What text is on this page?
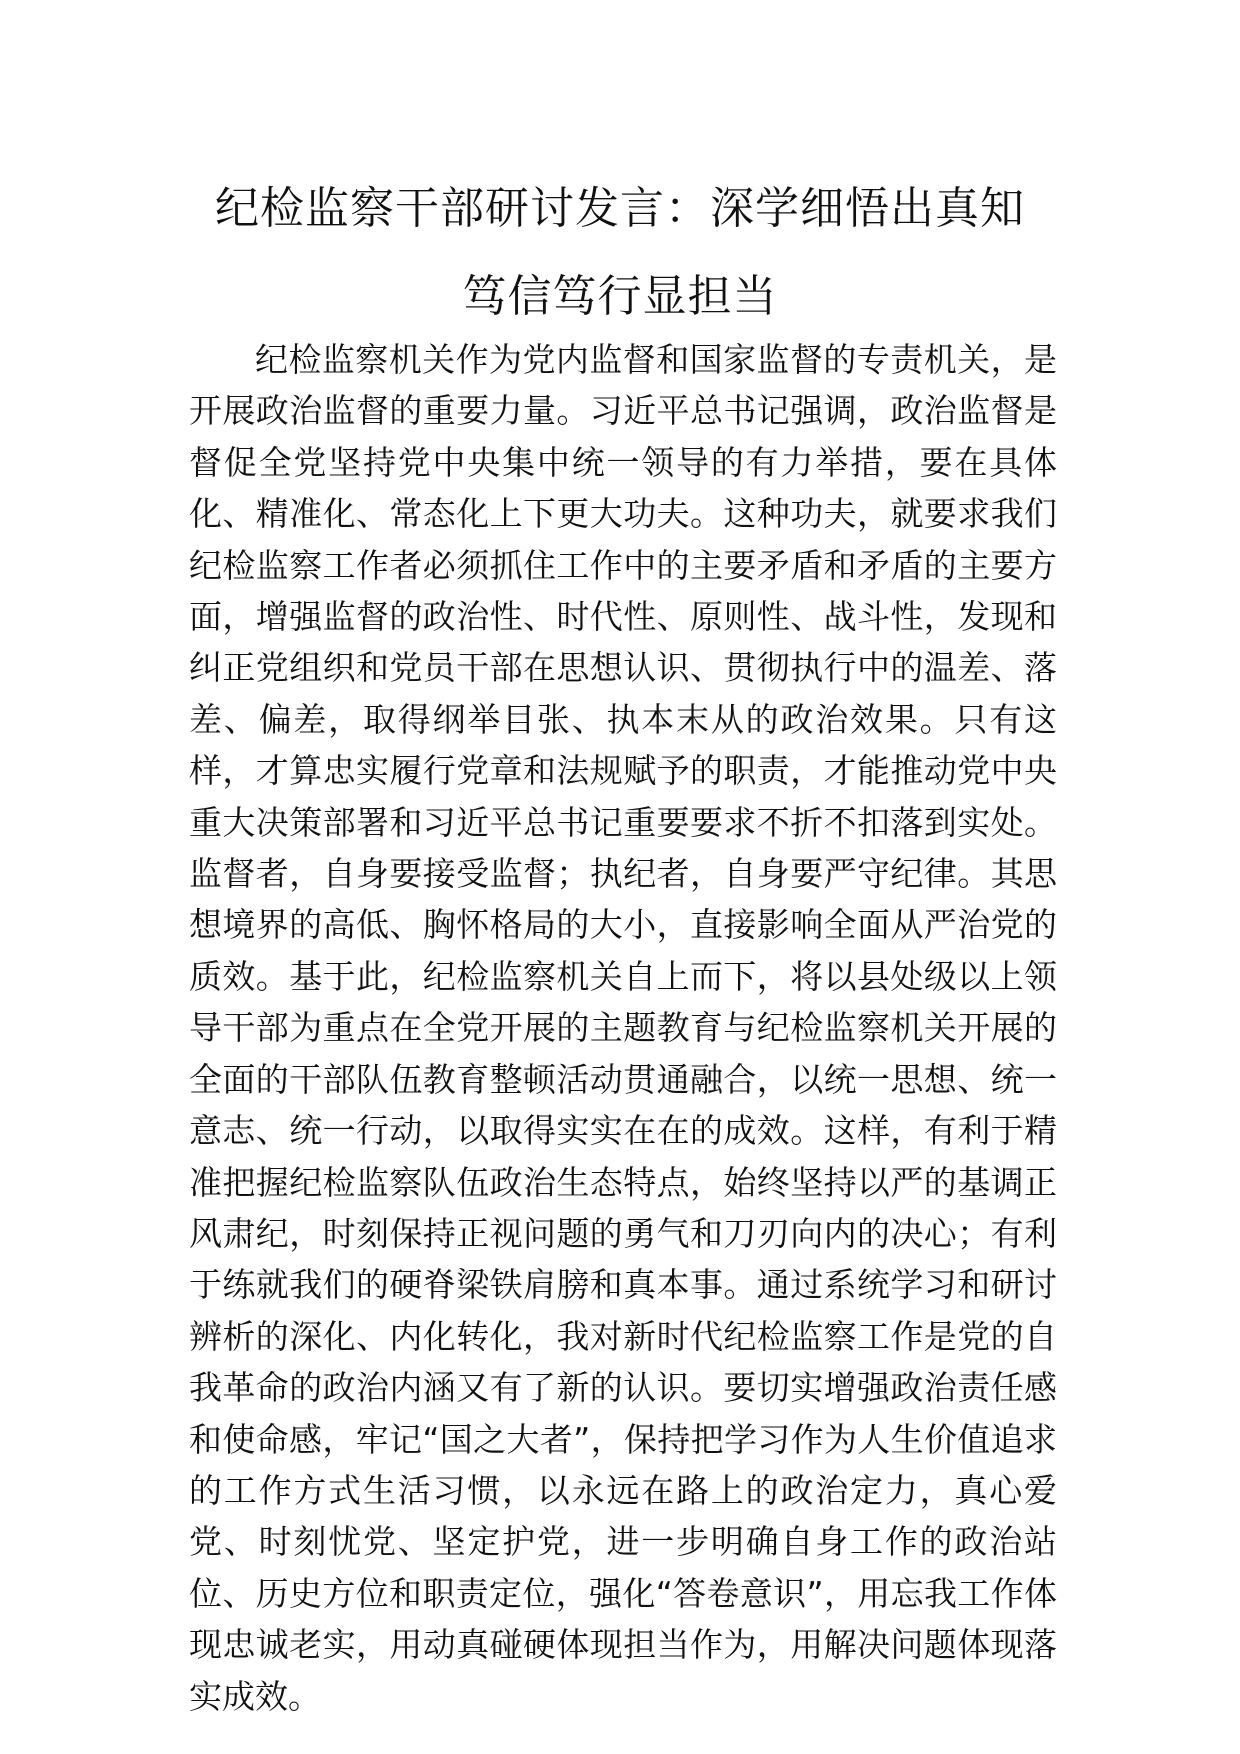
纪检监察干部研讨发言：深学细悟出真知
笃信笃行显担当

纪检监察机关作为党内监督和国家监督的专责机关，是开展政治监督的重要力量。习近平总书记强调，政治监督是督促全党坚持党中央集中统一领导的有力举措，要在具体化、精准化、常态化上下更大功夫。这种功夫，就要求我们纪检监察工作者必须抓住工作中的主要矛盾和矛盾的主要方面，增强监督的政治性、时代性、原则性、战斗性，发现和纠正党组织和党员干部在思想认识、贯彻执行中的温差、落差、偏差，取得纲举目张、执本末从的政治效果。只有这样，才算忠实履行党章和法规赋予的职责，才能推动党中央重大决策部署和习近平总书记重要要求不折不扣落到实处。监督者，自身要接受监督；执纪者，自身要严守纪律。其思想境界的高低、胸怀格局的大小，直接影响全面从严治党的质效。基于此，纪检监察机关自上而下，将以县处级以上领导干部为重点在全党开展的主题教育与纪检监察机关开展的全面的干部队伍教育整顿活动贯通融合，以统一思想、统一意志、统一行动，以取得实实在在的成效。这样，有利于精准把握纪检监察队伍政治生态特点，始终坚持以严的基调正风肃纪，时刻保持正视问题的勇气和刀刃向内的决心；有利于练就我们的硬脊梁铁肩膀和真本事。通过系统学习和研讨辨析的深化、内化转化，我对新时代纪检监察工作是党的自我革命的政治内涵又有了新的认识。要切实增强政治责任感和使命感，牢记“国之大者”，保持把学习作为人生价值追求的工作方式生活习惯，以永远在路上的政治定力，真心爱党、时刻忧党、坚定护党，进一步明确自身工作的政治站位、历史方位和职责定位，强化“答卷意识”，用忘我工作体现忠诚老实，用动真碰硬体现担当作为，用解决问题体现落实成效。
